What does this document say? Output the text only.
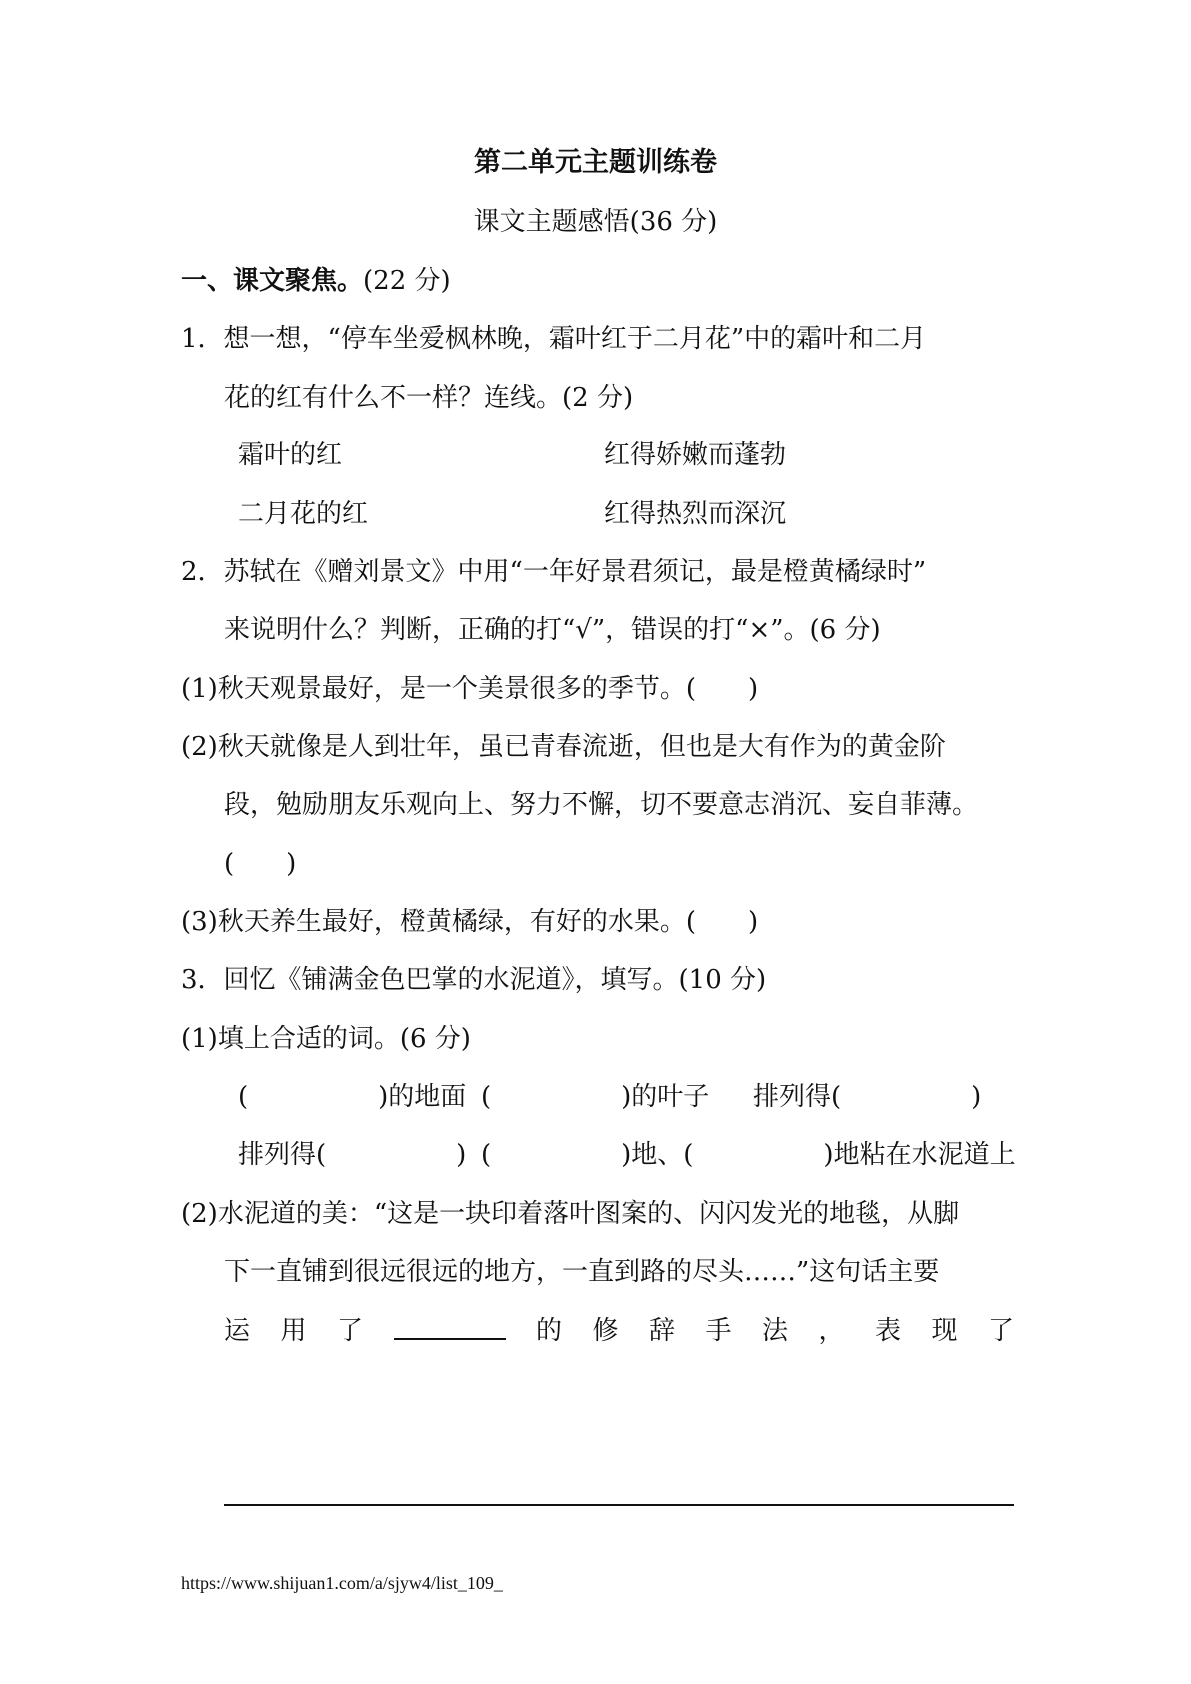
第二单元主题训练卷
课文主题感悟(36 分)
一、课文聚焦。(22 分)
1．想一想，“停车坐爱枫林晚，霜叶红于二月花”中的霜叶和二月
花的红有什么不一样？连线。(2 分)
霜叶的红	红得娇嫩而蓬勃
二月花的红	红得热烈而深沉
2．苏轼在《赠刘景文》中用“一年好景君须记，最是橙黄橘绿时”
来说明什么？判断，正确的打“√”，错误的打“×”。(6 分)
(1)秋天观景最好，是一个美景很多的季节。(　　)
(2)秋天就像是人到壮年，虽已青春流逝，但也是大有作为的黄金阶
段，勉励朋友乐观向上、努力不懈，切不要意志消沉、妄自菲薄。
(　　)
(3)秋天养生最好，橙黄橘绿，有好的水果。(　　)
3．回忆《铺满金色巴掌的水泥道》，填写。(10 分)
(1)填上合适的词。(6 分)
(　　　　　)的地面 (　　　　　)的叶子 排列得(　　　　　)
排列得(　　　　　) (　　　　　)地、(　　　　　)地粘在水泥道上
(2)水泥道的美：“这是一块印着落叶图案的、闪闪发光的地毯，从脚
下一直铺到很远很远的地方，一直到路的尽头……”这句话主要
运 用 了	的 修 辞 手 法 ， 表 现 了
https://www.shijuan1.com/a/sjyw4/list_109_
